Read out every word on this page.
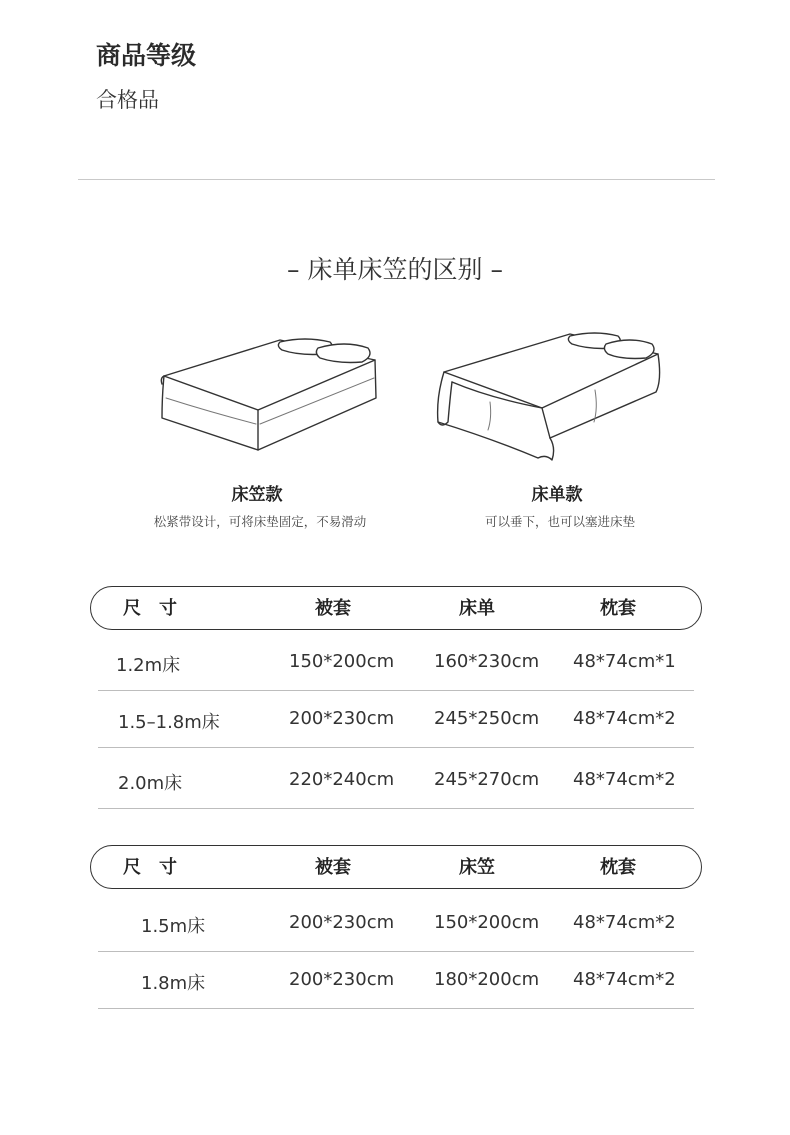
商品等级
合格品
– 床单床笠的区别 –
床笠款
松紧带设计，可将床垫固定，不易滑动
床单款
可以垂下，也可以塞进床垫
尺　寸	被套	床单	枕套
1.2m床	150*200cm 160*230cm 48*74cm*1
1.5–1.8m床	200*230cm 245*250cm 48*74cm*2
2.0m床	220*240cm 245*270cm 48*74cm*2
尺　寸	被套	床笠	枕套
1.5m床	200*230cm 150*200cm 48*74cm*2
1.8m床	200*230cm 180*200cm 48*74cm*2
